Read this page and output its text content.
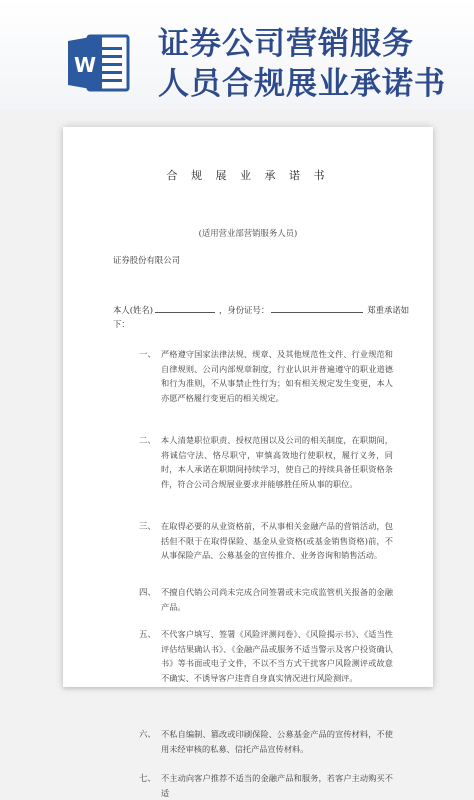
W
证券公司营销服务
人员合规展业承诺书
合 规 展 业 承 诺 书
(适用营业部营销服务人员)
证券股份有限公司
本人(姓名)	，身份证号：	郑重承诺如下：
一、 严格遵守国家法律法规、规章、及其他规范性文件、行业规范和自律规则、公司内部规章制度，行业认识并普遍遵守的职业道德和行为准则，不从事禁止性行为；如有相关规定发生变更，本人亦愿严格履行变更后的相关规定。
二、 本人清楚职位职责、授权范围以及公司的相关制度，在职期间，将诚信守法、恪尽职守，审慎高效地行使职权，履行义务，同时，本人承诺在职期间持续学习，使自己的持续具备任职资格条件，符合公司合规展业要求并能够胜任所从事的职位。
三、 在取得必要的从业资格前，不从事相关金融产品的营销活动，包括但不限于在取得保险、基金从业资格(或基金销售资格)前，不从事保险产品、公募基金的宣传推介、业务咨询和销售活动。
四、 不擅自代销公司尚未完成合同签署或未完成监管机关报备的金融产品。
五、 不代客户填写、签署《风险评测问卷》、《风险揭示书》、《适当性评估结果确认书》、《金融产品或服务不适当警示及客户投资确认书》等书面或电子文件，不以不当方式干扰客户风险测评或故意不确实、不诱导客户违背自身真实情况进行风险测评。
六、 不私自编制、篡改或印刷保险、公募基金产品的宣传材料，不使用未经审核的私募、信托产品宣传材料。
七、 不主动向客户推荐不适当的金融产品和服务，若客户主动购买不适
